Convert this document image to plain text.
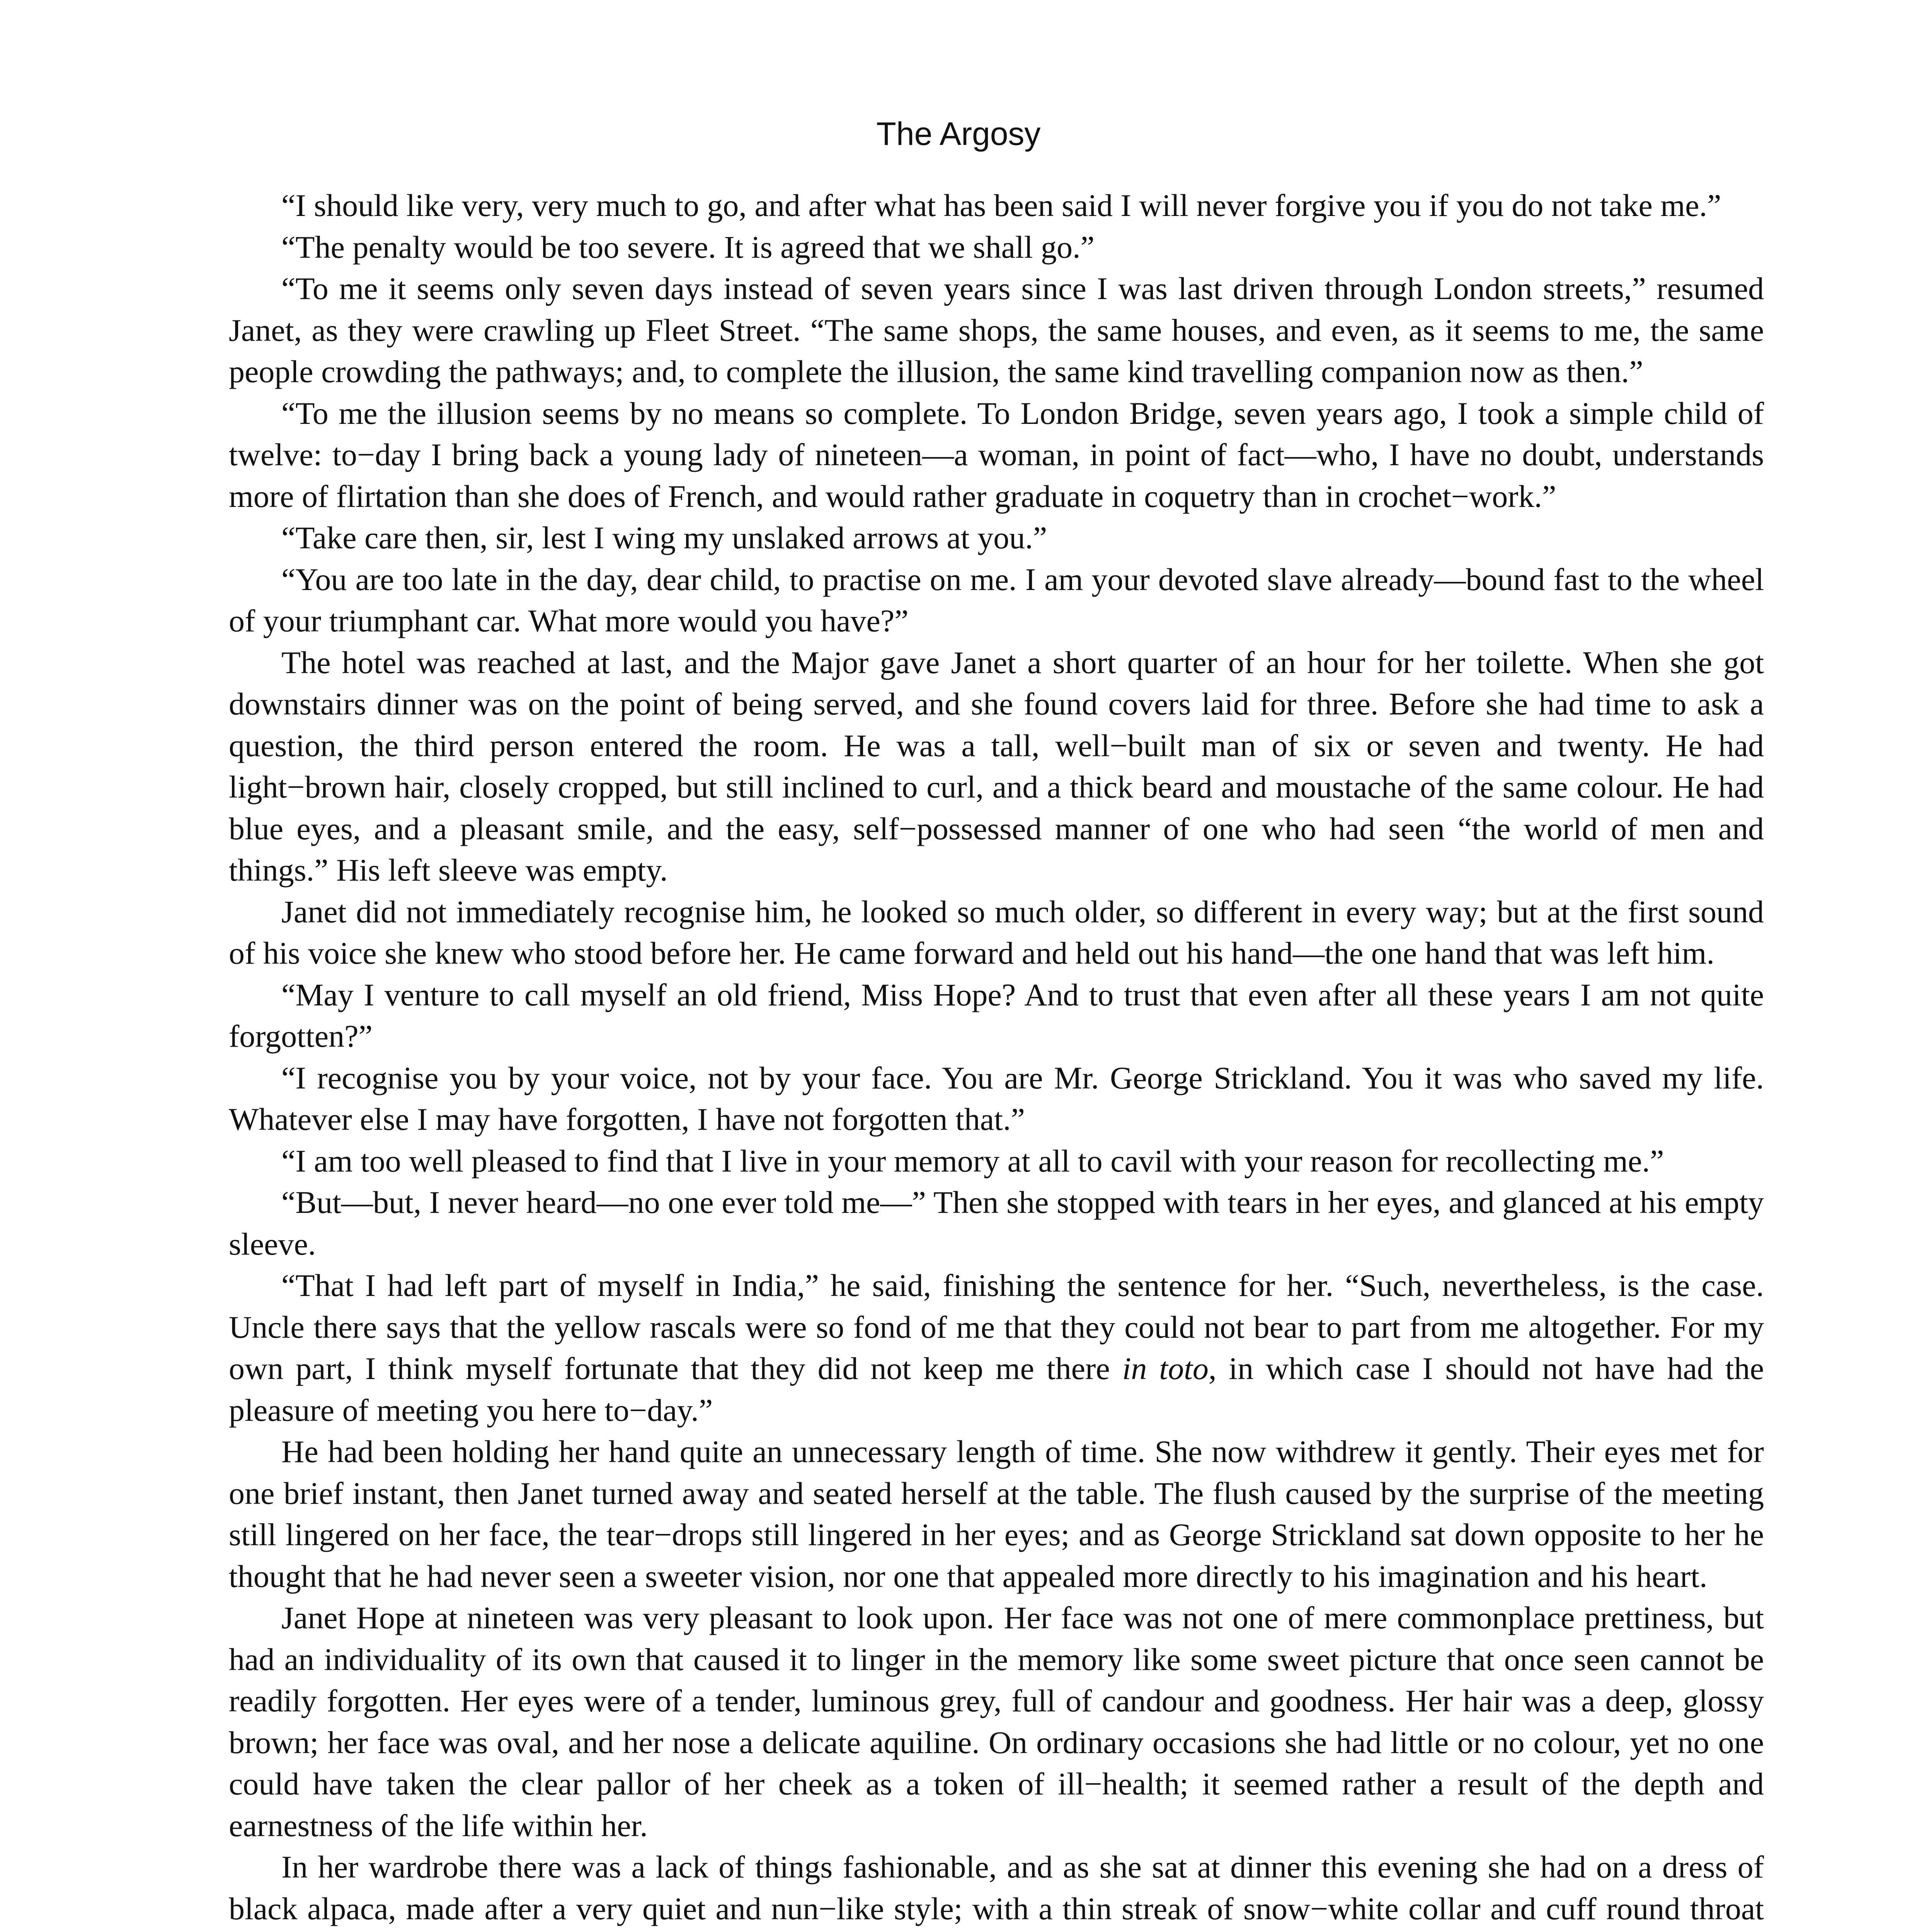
The Argosy

“I should like very, very much to go, and after what has been said I will never forgive you if you do not take me.”

“The penalty would be too severe. It is agreed that we shall go.”

“To me it seems only seven days instead of seven years since I was last driven through London streets,” resumed Janet, as they were crawling up Fleet Street. “The same shops, the same houses, and even, as it seems to me, the same people crowding the pathways; and, to complete the illusion, the same kind travelling companion now as then.”

“To me the illusion seems by no means so complete. To London Bridge, seven years ago, I took a simple child of twelve: to−day I bring back a young lady of nineteen—a woman, in point of fact—who, I have no doubt, understands more of flirtation than she does of French, and would rather graduate in coquetry than in crochet−work.”

“Take care then, sir, lest I wing my unslaked arrows at you.”

“You are too late in the day, dear child, to practise on me. I am your devoted slave already—bound fast to the wheel of your triumphant car. What more would you have?”

The hotel was reached at last, and the Major gave Janet a short quarter of an hour for her toilette. When she got downstairs dinner was on the point of being served, and she found covers laid for three. Before she had time to ask a question, the third person entered the room. He was a tall, well−built man of six or seven and twenty. He had light−brown hair, closely cropped, but still inclined to curl, and a thick beard and moustache of the same colour. He had blue eyes, and a pleasant smile, and the easy, self−possessed manner of one who had seen “the world of men and things.” His left sleeve was empty.

Janet did not immediately recognise him, he looked so much older, so different in every way; but at the first sound of his voice she knew who stood before her. He came forward and held out his hand—the one hand that was left him.

“May I venture to call myself an old friend, Miss Hope? And to trust that even after all these years I am not quite forgotten?”

“I recognise you by your voice, not by your face. You are Mr. George Strickland. You it was who saved my life. Whatever else I may have forgotten, I have not forgotten that.”

“I am too well pleased to find that I live in your memory at all to cavil with your reason for recollecting me.”

“But—but, I never heard—no one ever told me—” Then she stopped with tears in her eyes, and glanced at his empty sleeve.

“That I had left part of myself in India,” he said, finishing the sentence for her. “Such, nevertheless, is the case. Uncle there says that the yellow rascals were so fond of me that they could not bear to part from me altogether. For my own part, I think myself fortunate that they did not keep me there in toto, in which case I should not have had the pleasure of meeting you here to−day.”

He had been holding her hand quite an unnecessary length of time. She now withdrew it gently. Their eyes met for one brief instant, then Janet turned away and seated herself at the table. The flush caused by the surprise of the meeting still lingered on her face, the tear−drops still lingered in her eyes; and as George Strickland sat down opposite to her he thought that he had never seen a sweeter vision, nor one that appealed more directly to his imagination and his heart.

Janet Hope at nineteen was very pleasant to look upon. Her face was not one of mere commonplace prettiness, but had an individuality of its own that caused it to linger in the memory like some sweet picture that once seen cannot be readily forgotten. Her eyes were of a tender, luminous grey, full of candour and goodness. Her hair was a deep, glossy brown; her face was oval, and her nose a delicate aquiline. On ordinary occasions she had little or no colour, yet no one could have taken the clear pallor of her cheek as a token of ill−health; it seemed rather a result of the depth and earnestness of the life within her.

In her wardrobe there was a lack of things fashionable, and as she sat at dinner this evening she had on a dress of black alpaca, made after a very quiet and nun−like style; with a thin streak of snow−white collar and cuff round throat
